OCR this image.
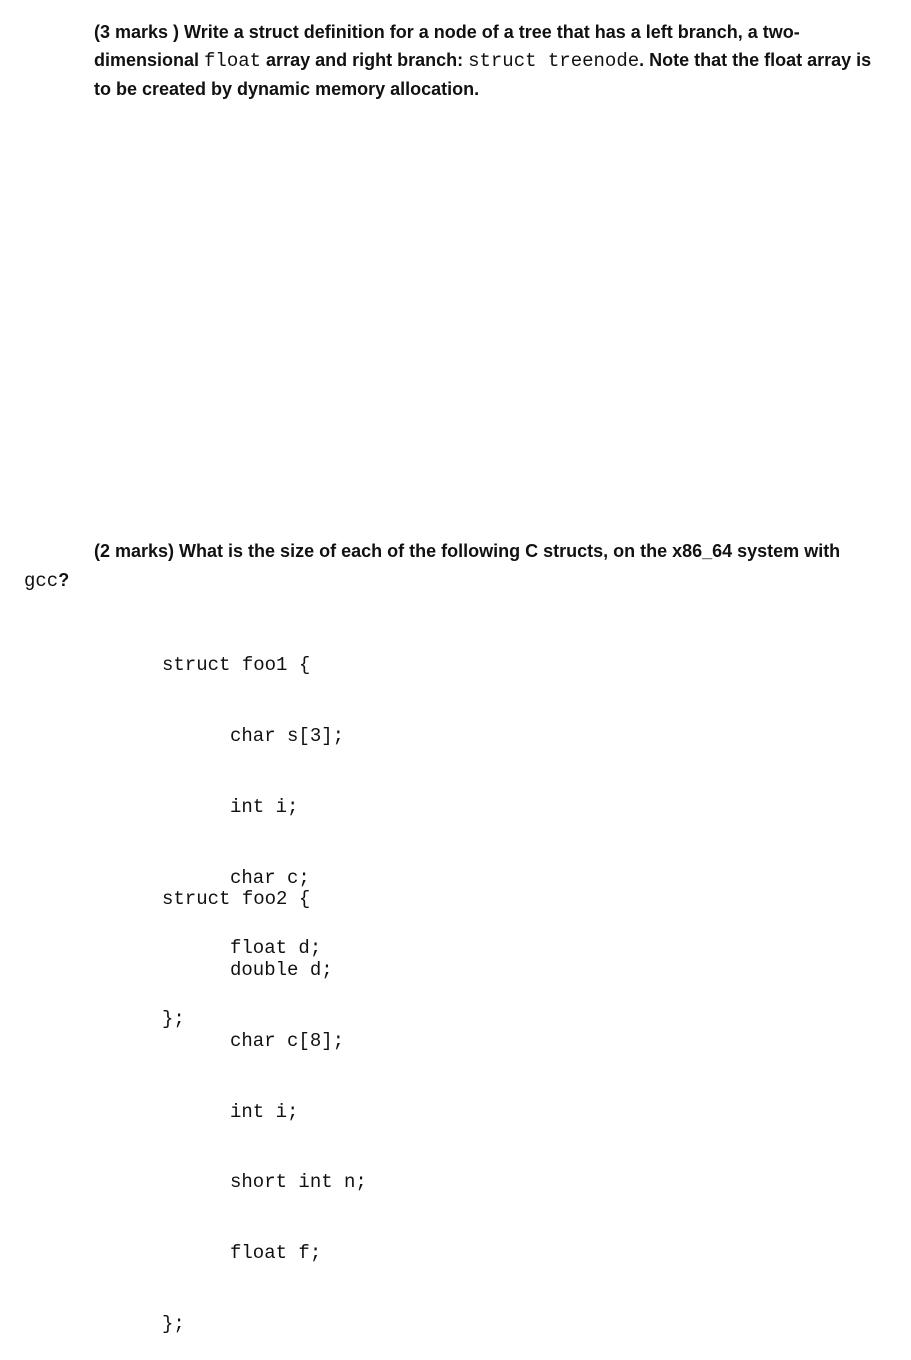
(3 marks ) Write a struct definition for a node of a tree that has a left branch, a two-dimensional float array and right branch: struct treenode. Note that the float array is to be created by dynamic memory allocation.
(2 marks) What is the size of each of the following C structs, on the x86_64 system with
gcc?

struct foo1 {

char s[3];

int i;

char c;

float d;

};

struct foo2 {

double d;

char c[8];

int i;

short int n;

float f;

};
